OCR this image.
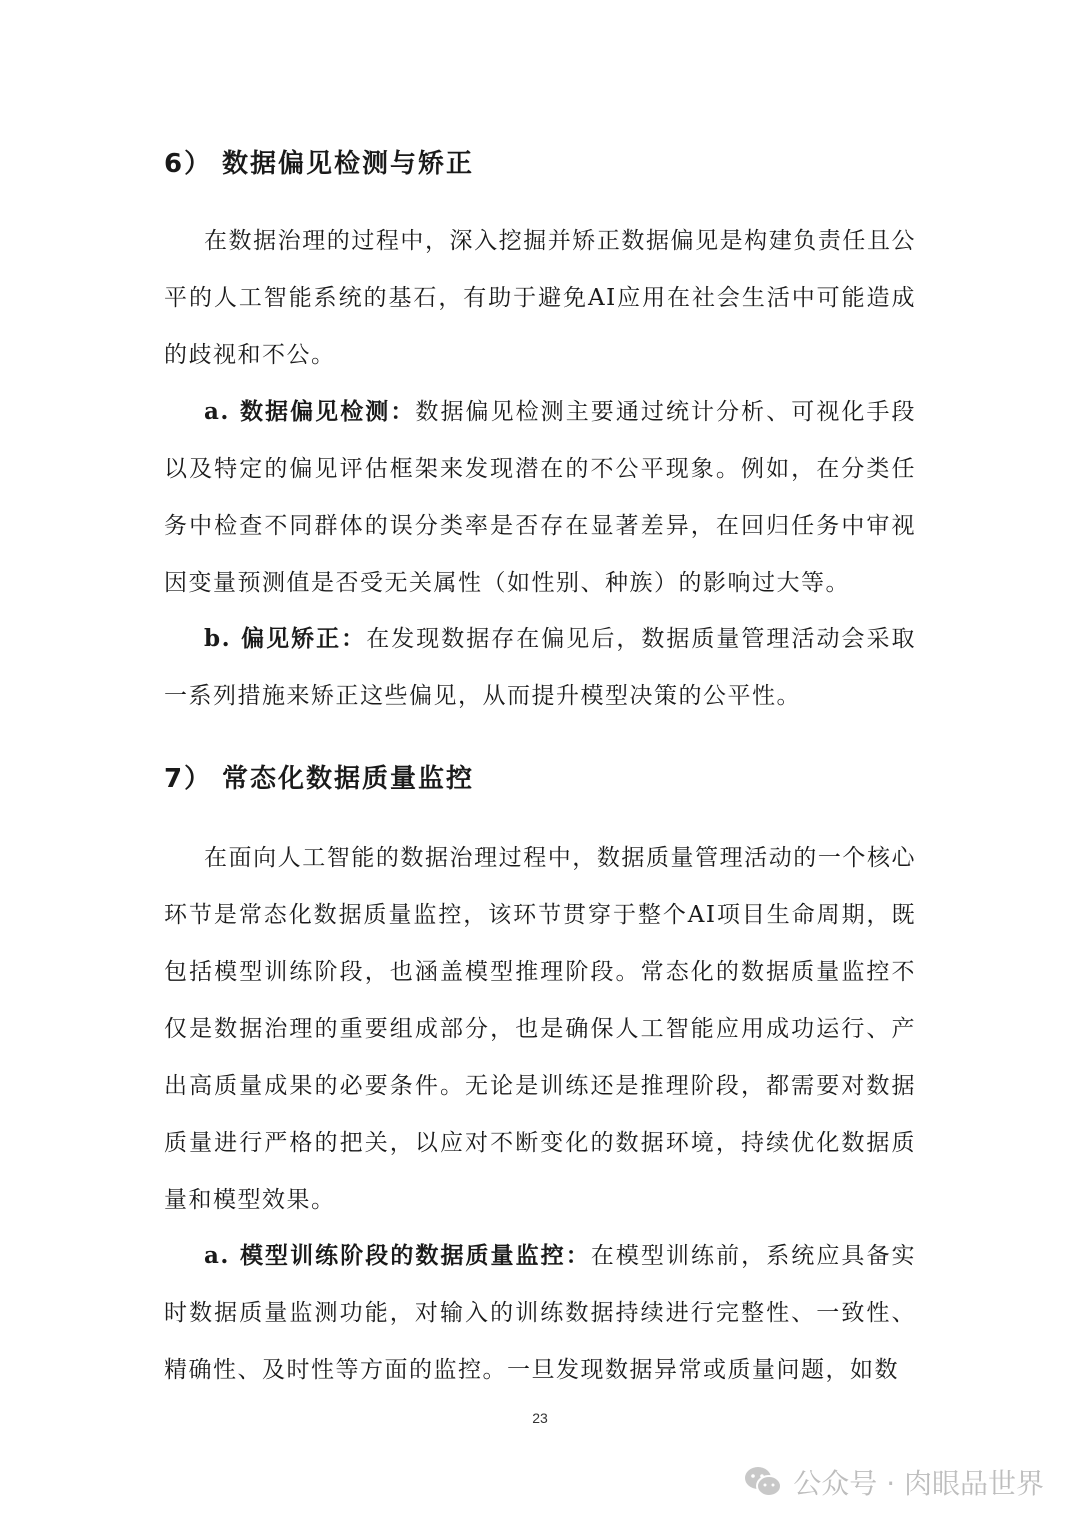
6） 数据偏见检测与矫正

在数据治理的过程中，深入挖掘并矫正数据偏见是构建负责任且公平的人工智能系统的基石，有助于避免AI应用在社会生活中可能造成的歧视和不公。

a. 数据偏见检测：数据偏见检测主要通过统计分析、可视化手段以及特定的偏见评估框架来发现潜在的不公平现象。例如，在分类任务中检查不同群体的误分类率是否存在显著差异，在回归任务中审视因变量预测值是否受无关属性（如性别、种族）的影响过大等。

b. 偏见矫正：在发现数据存在偏见后，数据质量管理活动会采取一系列措施来矫正这些偏见，从而提升模型决策的公平性。

7） 常态化数据质量监控

在面向人工智能的数据治理过程中，数据质量管理活动的一个核心环节是常态化数据质量监控，该环节贯穿于整个AI项目生命周期，既包括模型训练阶段，也涵盖模型推理阶段。常态化的数据质量监控不仅是数据治理的重要组成部分，也是确保人工智能应用成功运行、产出高质量成果的必要条件。无论是训练还是推理阶段，都需要对数据质量进行严格的把关，以应对不断变化的数据环境，持续优化数据质量和模型效果。

a. 模型训练阶段的数据质量监控：在模型训练前，系统应具备实时数据质量监测功能，对输入的训练数据持续进行完整性、一致性、精确性、及时性等方面的监控。一旦发现数据异常或质量问题，如数

23
公众号 · 肉眼品世界
